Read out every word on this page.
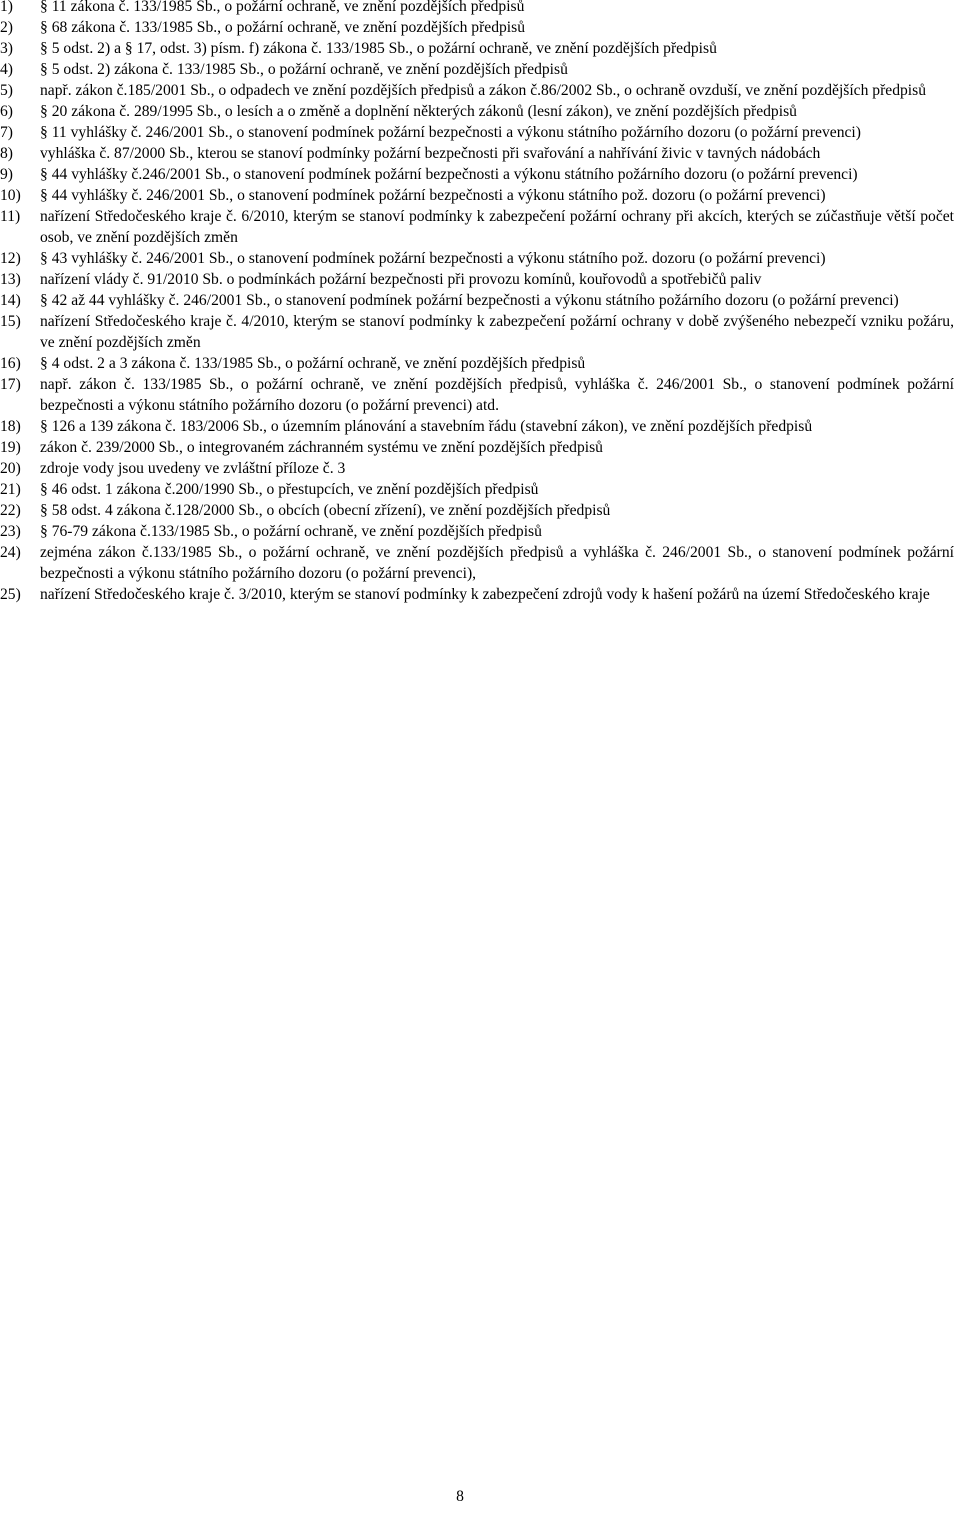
1) § 11 zákona č. 133/1985 Sb., o požární ochraně, ve znění pozdějších předpisů
2) § 68 zákona č. 133/1985 Sb., o požární ochraně, ve znění pozdějších předpisů
3) § 5 odst. 2) a § 17, odst. 3) písm. f) zákona č. 133/1985 Sb., o požární ochraně, ve znění pozdějších předpisů
4) § 5 odst. 2) zákona č. 133/1985 Sb., o požární ochraně, ve znění pozdějších předpisů
5) např. zákon č.185/2001 Sb., o odpadech ve znění pozdějších předpisů a zákon č.86/2002 Sb., o ochraně ovzduší, ve znění pozdějších předpisů
6) § 20 zákona č. 289/1995 Sb., o lesích a o změně a doplnění některých zákonů (lesní zákon), ve znění pozdějších předpisů
7) § 11 vyhlášky č. 246/2001 Sb., o stanovení podmínek požární bezpečnosti a výkonu státního požárního dozoru (o požární prevenci)
8) vyhláška č. 87/2000 Sb., kterou se stanoví podmínky požární bezpečnosti při svařování a nahřívání živic v tavných nádobách
9) § 44 vyhlášky č.246/2001 Sb., o stanovení podmínek požární bezpečnosti a výkonu státního požárního dozoru (o požární prevenci)
10) § 44 vyhlášky č. 246/2001 Sb., o stanovení podmínek požární bezpečnosti a výkonu státního pož. dozoru (o požární prevenci)
11) nařízení Středočeského kraje č. 6/2010, kterým se stanoví podmínky k zabezpečení požární ochrany při akcích, kterých se zúčastňuje větší počet osob, ve znění pozdějších změn
12) § 43 vyhlášky č. 246/2001 Sb., o stanovení podmínek požární bezpečnosti a výkonu státního pož. dozoru (o požární prevenci)
13) nařízení vlády č. 91/2010 Sb. o podmínkách požární bezpečnosti při provozu komínů, kouřovodů a spotřebičů paliv
14) § 42 až 44 vyhlášky č. 246/2001 Sb., o stanovení podmínek požární bezpečnosti a výkonu státního požárního dozoru (o požární prevenci)
15) nařízení Středočeského kraje č. 4/2010, kterým se stanoví podmínky k zabezpečení požární ochrany v době zvýšeného nebezpečí vzniku požáru, ve znění pozdějších změn
16) § 4 odst. 2 a 3 zákona č. 133/1985 Sb., o požární ochraně, ve znění pozdějších předpisů
17) např. zákon č. 133/1985 Sb., o požární ochraně, ve znění pozdějších předpisů, vyhláška č. 246/2001 Sb., o stanovení podmínek požární bezpečnosti a výkonu státního požárního dozoru (o požární prevenci) atd.
18) § 126 a 139 zákona č. 183/2006 Sb., o územním plánování a stavebním řádu (stavební zákon), ve znění pozdějších předpisů
19) zákon č. 239/2000 Sb., o integrovaném záchranném systému ve znění pozdějších předpisů
20) zdroje vody jsou uvedeny ve zvláštní příloze č. 3
21) § 46 odst. 1 zákona č.200/1990 Sb., o přestupcích, ve znění pozdějších předpisů
22) § 58 odst. 4 zákona č.128/2000 Sb., o obcích (obecní zřízení), ve znění pozdějších předpisů
23) § 76-79 zákona č.133/1985 Sb., o požární ochraně, ve znění pozdějších předpisů
24) zejména zákon č.133/1985 Sb., o požární ochraně, ve znění pozdějších předpisů a vyhláška č. 246/2001 Sb., o stanovení podmínek požární bezpečnosti a výkonu státního požárního dozoru (o požární prevenci),
25) nařízení Středočeského kraje č. 3/2010, kterým se stanoví podmínky k zabezpečení zdrojů vody k hašení požárů na území Středočeského kraje
8
